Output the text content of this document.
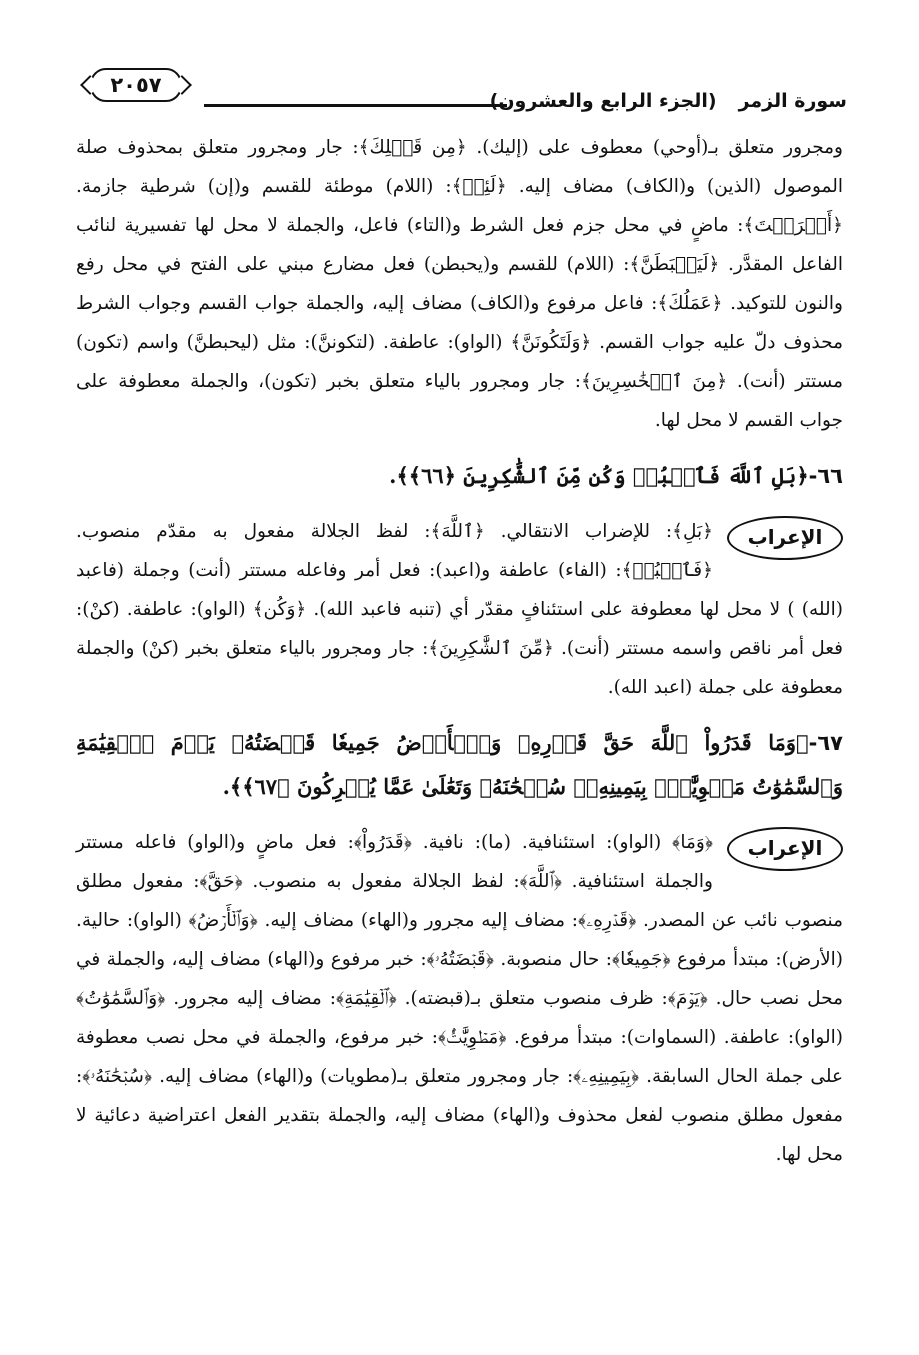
سورة الزمر(الجزء الرابع والعشرون)
٢٠٥٧

ومجرور متعلق بـ(أوحي) معطوف على (إليك). ﴿مِن قَبۡلِكَ﴾: جار ومجرور متعلق بمحذوف صلة الموصول (الذين) و(الكاف) مضاف إليه. ﴿لَئِنۡ﴾: (اللام) موطئة للقسم و(إن) شرطية جازمة. ﴿أَشۡرَكۡتَ﴾: ماضٍ في محل جزم فعل الشرط و(التاء) فاعل، والجملة لا محل لها تفسيرية لنائب الفاعل المقدَّر. ﴿لَيَحۡبَطَنَّ﴾: (اللام) للقسم و(يحبطن) فعل مضارع مبني على الفتح في محل رفع والنون للتوكيد. ﴿عَمَلُكَ﴾: فاعل مرفوع و(الكاف) مضاف إليه، والجملة جواب القسم وجواب الشرط محذوف دلّ عليه جواب القسم. ﴿وَلَتَكُونَنَّ﴾ (الواو): عاطفة. (لتكوننَّ): مثل (ليحبطنَّ) واسم (تكون) مستتر (أنت). ﴿مِنَ ٱلۡخَٰسِرِينَ﴾: جار ومجرور بالياء متعلق بخبر (تكون)، والجملة معطوفة على جواب القسم لا محل لها.

٦٦-﴿بَلِ ٱللَّهَ فَٱعۡبُدۡ وَكُن مِّنَ ٱلشَّٰكِرِينَ ﴿٦٦﴾﴾.

الإعراب

﴿بَلِ﴾: للإضراب الانتقالي. ﴿ٱللَّهَ﴾: لفظ الجلالة مفعول به مقدّم منصوب. ﴿فَٱعۡبُدۡ﴾: (الفاء) عاطفة و(اعبد): فعل أمر وفاعله مستتر (أنت) وجملة (فاعبد (الله) ) لا محل لها معطوفة على استئنافٍ مقدّر أي (تنبه فاعبد الله). ﴿وَكُن﴾ (الواو): عاطفة. (كنْ): فعل أمر ناقص واسمه مستتر (أنت). ﴿مِّنَ ٱلشَّٰكِرِينَ﴾: جار ومجرور بالياء متعلق بخبر (كنْ) والجملة معطوفة على جملة (اعبد الله).

٦٧-﴿وَمَا قَدَرُواْ ٱللَّهَ حَقَّ قَدۡرِهِۦ وَٱلۡأَرۡضُ جَمِيعٗا قَبۡضَتُهُۥ يَوۡمَ ٱلۡقِيَٰمَةِ وَٱلسَّمَٰوَٰتُ مَطۡوِيَّٰتُۢ بِيَمِينِهِۦۚ سُبۡحَٰنَهُۥ وَتَعَٰلَىٰ عَمَّا يُشۡرِكُونَ ﴿٦٧﴾﴾.

الإعراب

﴿وَمَا﴾ (الواو): استئنافية. (ما): نافية. ﴿قَدَرُواْ﴾: فعل ماضٍ و(الواو) فاعله مستتر والجملة استئنافية. ﴿ٱللَّهَ﴾: لفظ الجلالة مفعول به منصوب. ﴿حَقَّ﴾: مفعول مطلق منصوب نائب عن المصدر. ﴿قَدۡرِهِۦ﴾: مضاف إليه مجرور و(الهاء) مضاف إليه. ﴿وَٱلۡأَرۡضُ﴾ (الواو): حالية. (الأرض): مبتدأ مرفوع ﴿جَمِيعٗا﴾: حال منصوبة. ﴿قَبۡضَتُهُۥ﴾: خبر مرفوع و(الهاء) مضاف إليه، والجملة في محل نصب حال. ﴿يَوۡمَ﴾: ظرف منصوب متعلق بـ(قبضته). ﴿ٱلۡقِيَٰمَةِ﴾: مضاف إليه مجرور. ﴿وَٱلسَّمَٰوَٰتُ﴾ (الواو): عاطفة. (السماوات): مبتدأ مرفوع. ﴿مَطۡوِيَّٰتُۢ﴾: خبر مرفوع، والجملة في محل نصب معطوفة على جملة الحال السابقة. ﴿بِيَمِينِهِۦ﴾: جار ومجرور متعلق بـ(مطويات) و(الهاء) مضاف إليه. ﴿سُبۡحَٰنَهُۥ﴾: مفعول مطلق منصوب لفعل محذوف و(الهاء) مضاف إليه، والجملة بتقدير الفعل اعتراضية دعائية لا محل لها.
